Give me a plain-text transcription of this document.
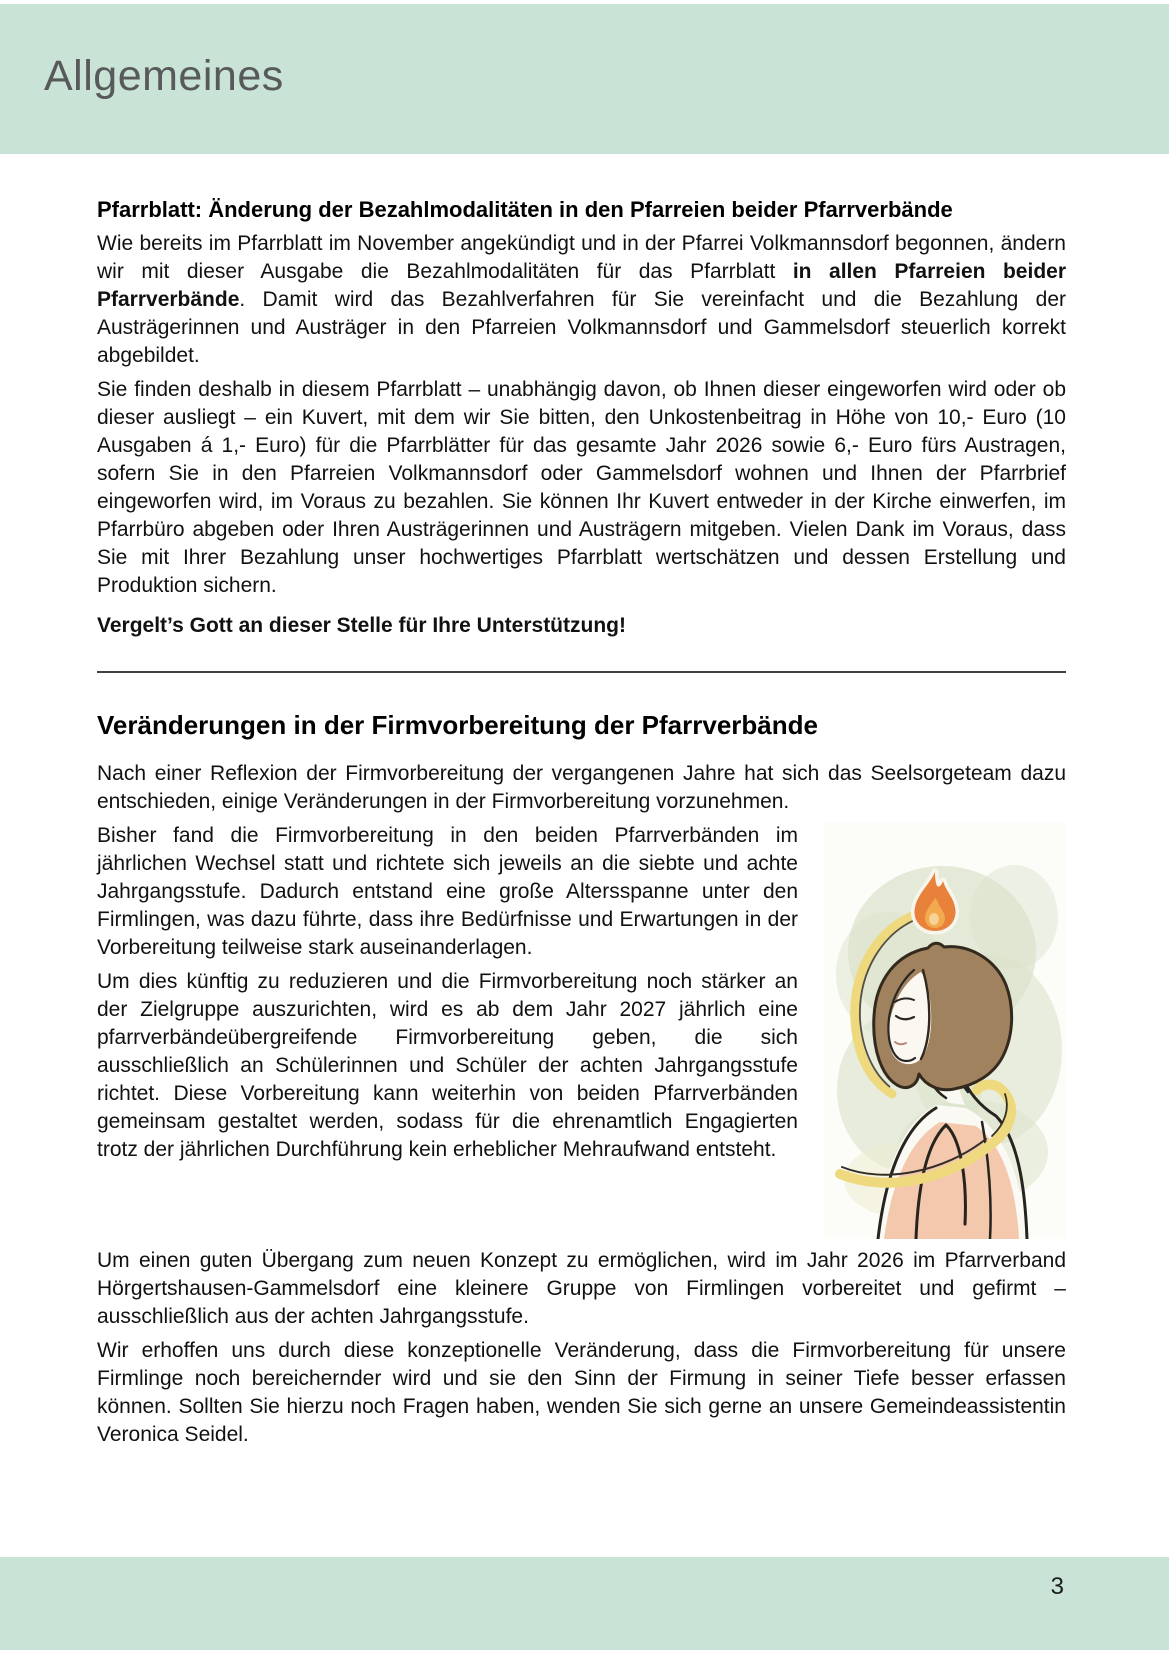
Allgemeines
Pfarrblatt: Änderung der Bezahlmodalitäten in den Pfarreien beider Pfarrverbände

Wie bereits im Pfarrblatt im November angekündigt und in der Pfarrei Volkmannsdorf begonnen, ändern wir mit dieser Ausgabe die Bezahlmodalitäten für das Pfarrblatt in allen Pfarreien beider Pfarrverbände. Damit wird das Bezahlverfahren für Sie vereinfacht und die Bezahlung der Austrägerinnen und Austräger in den Pfarreien Volkmannsdorf und Gammelsdorf steuerlich korrekt abgebildet.

Sie finden deshalb in diesem Pfarrblatt – unabhängig davon, ob Ihnen dieser eingeworfen wird oder ob dieser ausliegt – ein Kuvert, mit dem wir Sie bitten, den Unkostenbeitrag in Höhe von 10,- Euro (10 Ausgaben á 1,- Euro) für die Pfarrblätter für das gesamte Jahr 2026 sowie 6,- Euro fürs Austragen, sofern Sie in den Pfarreien Volkmannsdorf oder Gammelsdorf wohnen und Ihnen der Pfarrbrief eingeworfen wird, im Voraus zu bezahlen. Sie können Ihr Kuvert entweder in der Kirche einwerfen, im Pfarrbüro abgeben oder Ihren Austrägerinnen und Austrägern mitgeben. Vielen Dank im Voraus, dass Sie mit Ihrer Bezahlung unser hochwertiges Pfarrblatt wertschätzen und dessen Erstellung und Produktion sichern.

Vergelt’s Gott an dieser Stelle für Ihre Unterstützung!

Veränderungen in der Firmvorbereitung der Pfarrverbände

Nach einer Reflexion der Firmvorbereitung der vergangenen Jahre hat sich das Seelsorgeteam dazu entschieden, einige Veränderungen in der Firmvorbereitung vorzunehmen.

Bisher fand die Firmvorbereitung in den beiden Pfarrverbänden im jährlichen Wechsel statt und richtete sich jeweils an die siebte und achte Jahrgangsstufe. Dadurch entstand eine große Altersspanne unter den Firmlingen, was dazu führte, dass ihre Bedürfnisse und Erwartungen in der Vorbereitung teilweise stark auseinanderlagen.

Um dies künftig zu reduzieren und die Firmvorbereitung noch stärker an der Zielgruppe auszurichten, wird es ab dem Jahr 2027 jährlich eine pfarrverbändeübergreifende Firmvorbereitung geben, die sich ausschließlich an Schülerinnen und Schüler der achten Jahrgangsstufe richtet. Diese Vorbereitung kann weiterhin von beiden Pfarrverbänden gemeinsam gestaltet werden, sodass für die ehrenamtlich Engagierten trotz der jährlichen Durchführung kein erheblicher Mehraufwand entsteht.

Um einen guten Übergang zum neuen Konzept zu ermöglichen, wird im Jahr 2026 im Pfarrverband Hörgertshausen-Gammelsdorf eine kleinere Gruppe von Firmlingen vorbereitet und gefirmt – ausschließlich aus der achten Jahrgangsstufe.

Wir erhoffen uns durch diese konzeptionelle Veränderung, dass die Firmvorbereitung für unsere Firmlinge noch bereichernder wird und sie den Sinn der Firmung in seiner Tiefe besser erfassen können. Sollten Sie hierzu noch Fragen haben, wenden Sie sich gerne an unsere Gemeindeassistentin Veronica Seidel.

3
